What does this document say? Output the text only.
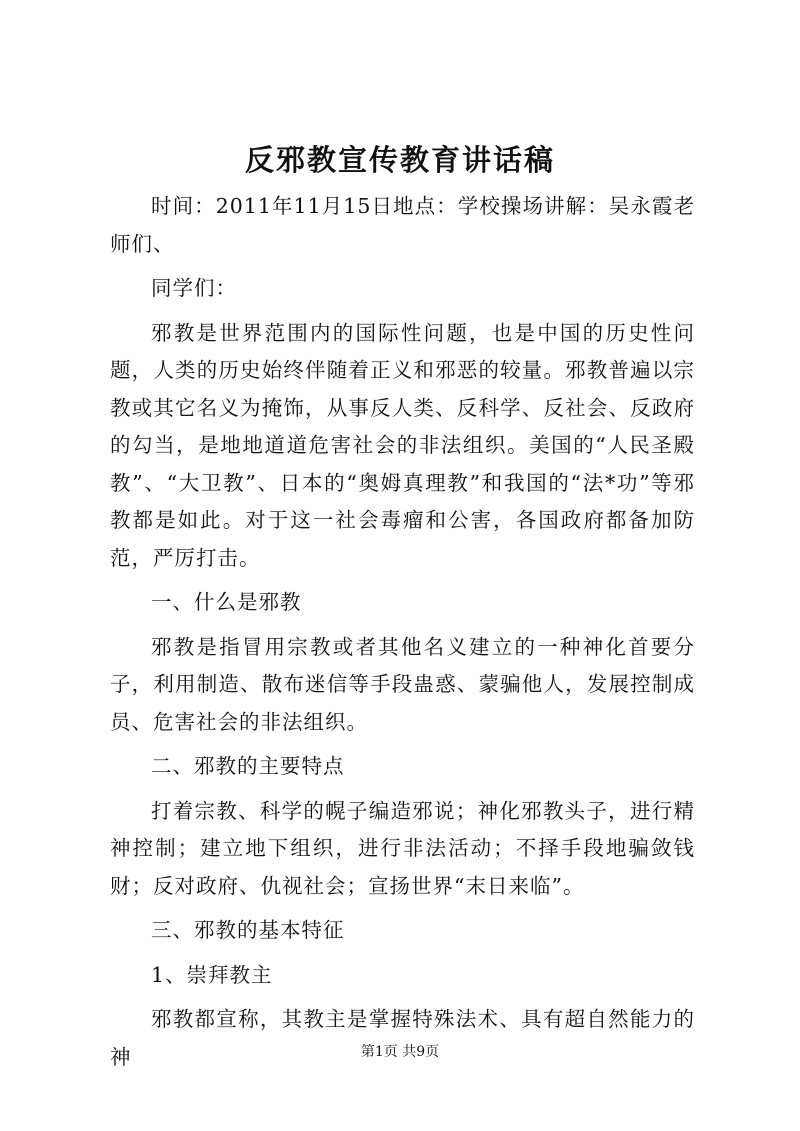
反邪教宣传教育讲话稿

时间：2011年11月15日地点：学校操场讲解：吴永霞老师们、

同学们：

邪教是世界范围内的国际性问题，也是中国的历史性问题，人类的历史始终伴随着正义和邪恶的较量。邪教普遍以宗教或其它名义为掩饰，从事反人类、反科学、反社会、反政府的勾当，是地地道道危害社会的非法组织。美国的“人民圣殿教”、“大卫教”、日本的“奥姆真理教”和我国的“法*功”等邪教都是如此。对于这一社会毒瘤和公害，各国政府都备加防范，严厉打击。

一、什么是邪教

邪教是指冒用宗教或者其他名义建立的一种神化首要分子，利用制造、散布迷信等手段蛊惑、蒙骗他人，发展控制成员、危害社会的非法组织。

二、邪教的主要特点

打着宗教、科学的幌子编造邪说；神化邪教头子，进行精神控制；建立地下组织，进行非法活动；不择手段地骗敛钱财；反对政府、仇视社会；宣扬世界“末日来临”。

三、邪教的基本特征

1、崇拜教主

邪教都宣称，其教主是掌握特殊法术、具有超自然能力的神	第1页 共9页
